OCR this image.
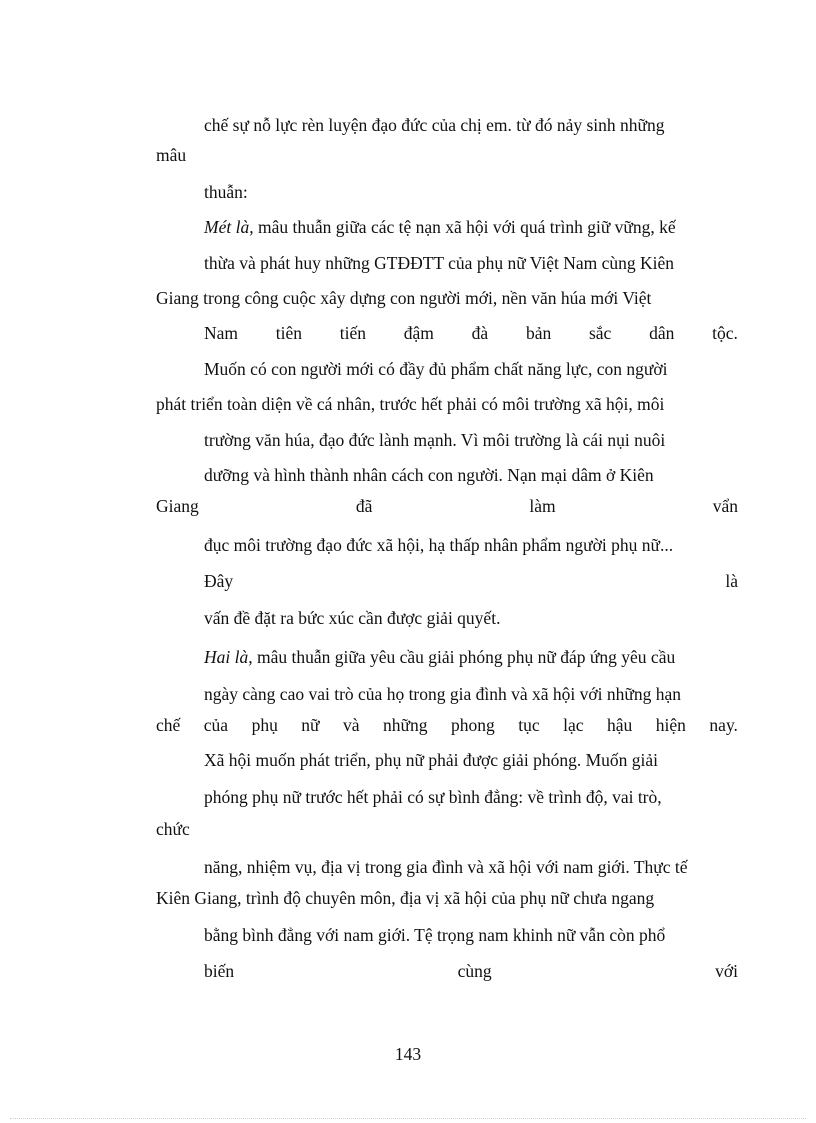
chế sự nỗ lực rèn luyện đạo đức của chị em. từ đó nảy sinh những
mâu
thuẫn:
Mét là, mâu thuẫn giữa các tệ nạn xã hội với quá trình giữ vững, kế
thừa và phát huy những GTĐĐTT của phụ nữ Việt Nam cùng Kiên
Giang trong công cuộc xây dựng con người mới, nền văn húa mới Việt
Nam tiên tiến đậm đà bản sắc dân tộc.
Muốn có con người mới có đầy đủ phẩm chất năng lực, con người
phát triển toàn diện về cá nhân, trước hết phải có môi trường xã hội, môi
trường văn húa, đạo đức lành mạnh. Vì môi trường là cái nụi nuôi
dưỡng và hình thành nhân cách con người. Nạn mại dâm ở Kiên
Giang	đã	làm	vẩn
đục môi trường đạo đức xã hội, hạ thấp nhân phẩm người phụ nữ...
Đây	là
vấn đề đặt ra bức xúc cần được giải quyết.
Hai là, mâu thuẫn giữa yêu cầu giải phóng phụ nữ đáp ứng yêu cầu
ngày càng cao vai trò của họ trong gia đình và xã hội với những hạn
chế của phụ nữ và những phong tục lạc hậu hiện nay.
Xã hội muốn phát triển, phụ nữ phải được giải phóng. Muốn giải
phóng phụ nữ trước hết phải có sự bình đẳng: về trình độ, vai trò,
chức
năng, nhiệm vụ, địa vị trong gia đình và xã hội với nam giới. Thực tế
Kiên Giang, trình độ chuyên môn, địa vị xã hội của phụ nữ chưa ngang
bằng bình đẳng với nam giới. Tệ trọng nam khinh nữ vẫn còn phổ
biến	cùng	với
143
